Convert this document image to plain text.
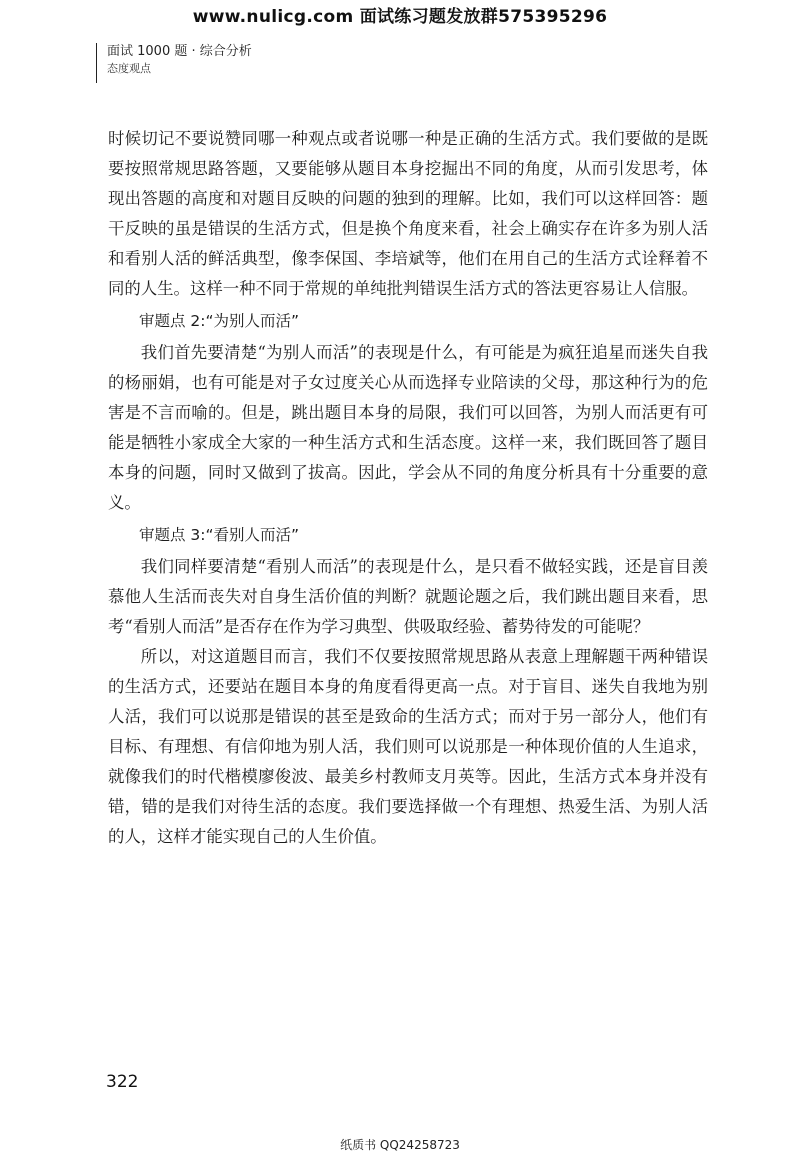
www.nulicg.com 面试练习题发放群575395296
面试 1000 题 · 综合分析
态度观点

时候切记不要说赞同哪一种观点或者说哪一种是正确的生活方式。我们要做的是既要按照常规思路答题，又要能够从题目本身挖掘出不同的角度，从而引发思考，体现出答题的高度和对题目反映的问题的独到的理解。比如，我们可以这样回答：题干反映的虽是错误的生活方式，但是换个角度来看，社会上确实存在许多为别人活和看别人活的鲜活典型，像李保国、李培斌等，他们在用自己的生活方式诠释着不同的人生。这样一种不同于常规的单纯批判错误生活方式的答法更容易让人信服。

审题点 2:“为别人而活”

我们首先要清楚“为别人而活”的表现是什么，有可能是为疯狂追星而迷失自我的杨丽娟，也有可能是对子女过度关心从而选择专业陪读的父母，那这种行为的危害是不言而喻的。但是，跳出题目本身的局限，我们可以回答，为别人而活更有可能是牺牲小家成全大家的一种生活方式和生活态度。这样一来，我们既回答了题目本身的问题，同时又做到了拔高。因此，学会从不同的角度分析具有十分重要的意义。

审题点 3:“看别人而活”

我们同样要清楚“看别人而活”的表现是什么，是只看不做轻实践，还是盲目羡慕他人生活而丧失对自身生活价值的判断？就题论题之后，我们跳出题目来看，思考“看别人而活”是否存在作为学习典型、供吸取经验、蓄势待发的可能呢？

所以，对这道题目而言，我们不仅要按照常规思路从表意上理解题干两种错误的生活方式，还要站在题目本身的角度看得更高一点。对于盲目、迷失自我地为别人活，我们可以说那是错误的甚至是致命的生活方式；而对于另一部分人，他们有目标、有理想、有信仰地为别人活，我们则可以说那是一种体现价值的人生追求，就像我们的时代楷模廖俊波、最美乡村教师支月英等。因此，生活方式本身并没有错，错的是我们对待生活的态度。我们要选择做一个有理想、热爱生活、为别人活的人，这样才能实现自己的人生价值。

322
纸质书 QQ24258723
